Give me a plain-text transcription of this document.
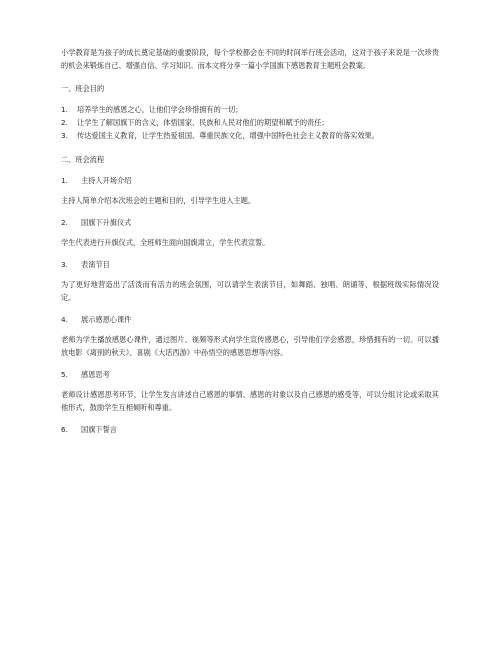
小学教育是为孩子的成长奠定基础的重要阶段，每个学校都会在不同的时间举行班会活动，这对于孩子来说是一次珍贵的机会来锻炼自己、增强自信、学习知识。而本文将分享一篇小学国旗下感恩教育主题班会教案。

一、班会目的

1.	培养学生的感恩之心，让他们学会珍惜拥有的一切；
2.	让学生了解国旗下的含义，体悟国家、民族和人民对他们的期望和赋予的责任；
3.	传达爱国主义教育，让学生热爱祖国、尊重民族文化，增强中国特色社会主义教育的落实效果。

二、班会流程

1.	主持人开场介绍

主持人简单介绍本次班会的主题和目的，引导学生进入主题。

2.	国旗下升旗仪式

学生代表进行升旗仪式，全班师生面向国旗肃立，学生代表宣誓。

3.	表演节目

为了更好地营造出了活泼而有活力的班会氛围，可以请学生表演节目，如舞蹈、独唱、朗诵等，根据班级实际情况设定。

4.	展示感恩心课件

老师为学生播放感恩心课件，通过图片、视频等形式向学生宣传感恩心，引导他们学会感恩，珍惜拥有的一切。可以播放电影《离别的秋天》、喜剧《大话西游》中孙悟空的感恩思想等内容。

5.	感恩思考

老师设计感恩思考环节，让学生发言讲述自己感恩的事情、感恩的对象以及自己感恩的感受等，可以分组讨论或采取其他形式，鼓励学生互相倾听和尊重。

6.	国旗下誓言
